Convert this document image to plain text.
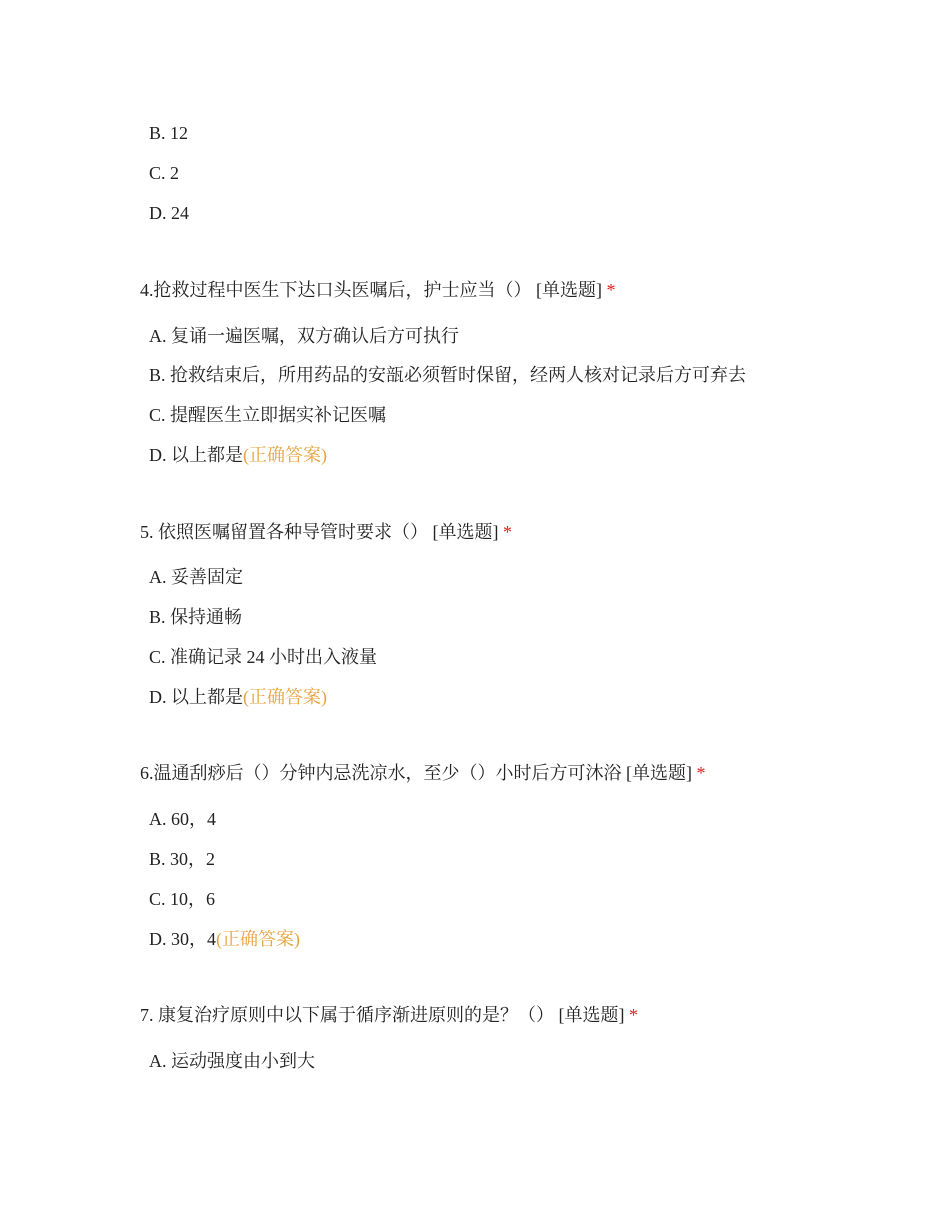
B. 12
C. 2
D. 24
4.抢救过程中医生下达口头医嘱后，护士应当（） [单选题] *
A. 复诵一遍医嘱，双方确认后方可执行
B. 抢救结束后，所用药品的安瓿必须暂时保留，经两人核对记录后方可弃去
C. 提醒医生立即据实补记医嘱
D. 以上都是(正确答案)
5. 依照医嘱留置各种导管时要求（） [单选题] *
A. 妥善固定
B. 保持通畅
C. 准确记录 24 小时出入液量
D. 以上都是(正确答案)
6.温通刮痧后（）分钟内忌洗凉水，至少（）小时后方可沐浴 [单选题] *
A. 60，4
B. 30，2
C. 10，6
D. 30，4(正确答案)
7. 康复治疗原则中以下属于循序渐进原则的是？（） [单选题] *
A. 运动强度由小到大
